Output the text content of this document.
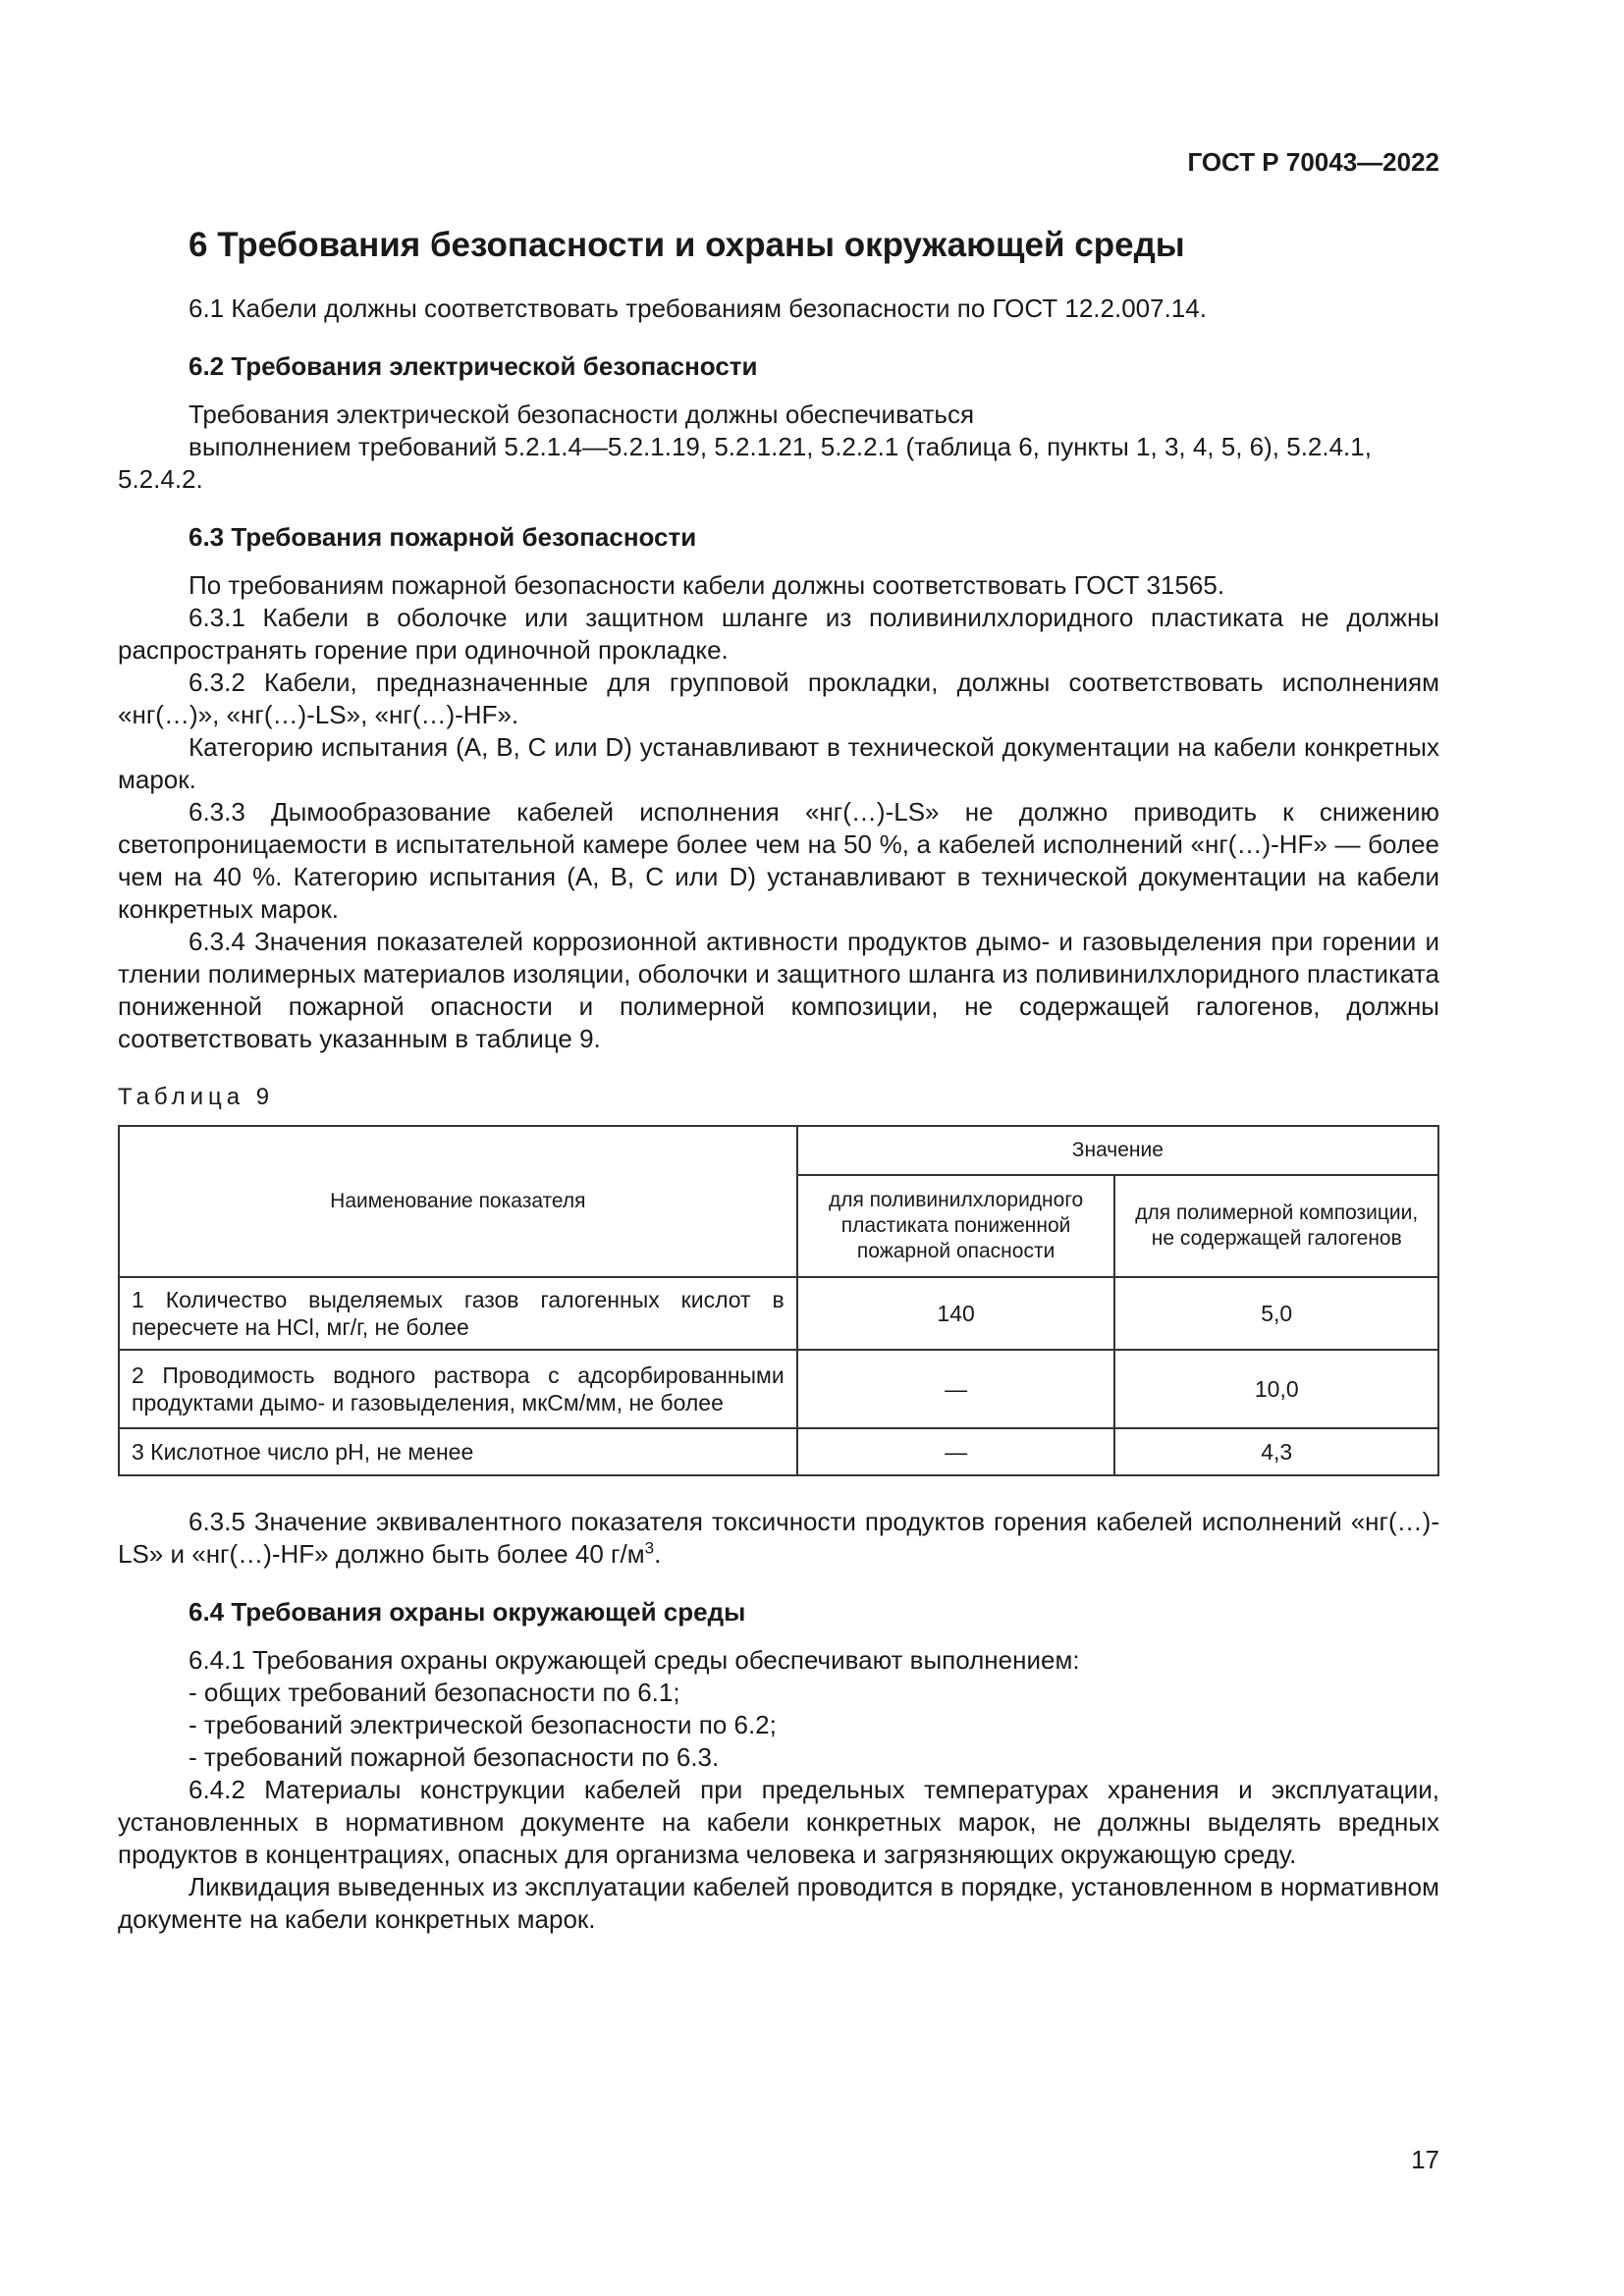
ГОСТ Р 70043—2022
6 Требования безопасности и охраны окружающей среды

6.1 Кабели должны соответствовать требованиям безопасности по ГОСТ 12.2.007.14.

6.2 Требования электрической безопасности

Требования электрической безопасности должны обеспечиваться

выполнением требований 5.2.1.4—5.2.1.19, 5.2.1.21, 5.2.2.1 (таблица 6, пункты 1, 3, 4, 5, 6), 5.2.4.1, 5.2.4.2.

6.3 Требования пожарной безопасности

По требованиям пожарной безопасности кабели должны соответствовать ГОСТ 31565.

6.3.1 Кабели в оболочке или защитном шланге из поливинилхлоридного пластиката не должны распространять горение при одиночной прокладке.

6.3.2 Кабели, предназначенные для групповой прокладки, должны соответствовать исполнениям «нг(…)», «нг(…)-LS», «нг(…)-HF».

Категорию испытания (A, B, C или D) устанавливают в технической документации на кабели конкретных марок.

6.3.3 Дымообразование кабелей исполнения «нг(…)-LS» не должно приводить к снижению светопроницаемости в испытательной камере более чем на 50 %, а кабелей исполнений «нг(…)-HF» — более чем на 40 %. Категорию испытания (A, B, C или D) устанавливают в технической документации на кабели конкретных марок.

6.3.4 Значения показателей коррозионной активности продуктов дымо- и газовыделения при горении и тлении полимерных материалов изоляции, оболочки и защитного шланга из поливинилхлоридного пластиката пониженной пожарной опасности и полимерной композиции, не содержащей галогенов, должны соответствовать указанным в таблице 9.

Таблица 9
Наименование показателя	Значение	
	для поливинилхлоридного пластиката пониженной пожарной опасности	для полимерной композиции, не содержащей галогенов
1 Количество выделяемых газов галогенных кислот в пересчете на HCl, мг/г, не более	140	5,0
2 Проводимость водного раствора с адсорбированными продуктами дымо- и газовыделения, мкСм/мм, не более	—	10,0
3 Кислотное число pH, не менее	—	4,3

6.3.5 Значение эквивалентного показателя токсичности продуктов горения кабелей исполнений «нг(…)-LS» и «нг(…)-HF» должно быть более 40 $г/м^3$.

6.4 Требования охраны окружающей среды

6.4.1 Требования охраны окружающей среды обеспечивают выполнением:

- общих требований безопасности по 6.1;

- требований электрической безопасности по 6.2;

- требований пожарной безопасности по 6.3.

6.4.2 Материалы конструкции кабелей при предельных температурах хранения и эксплуатации, установленных в нормативном документе на кабели конкретных марок, не должны выделять вредных продуктов в концентрациях, опасных для организма человека и загрязняющих окружающую среду.

Ликвидация выведенных из эксплуатации кабелей проводится в порядке, установленном в нормативном документе на кабели конкретных марок.

17
